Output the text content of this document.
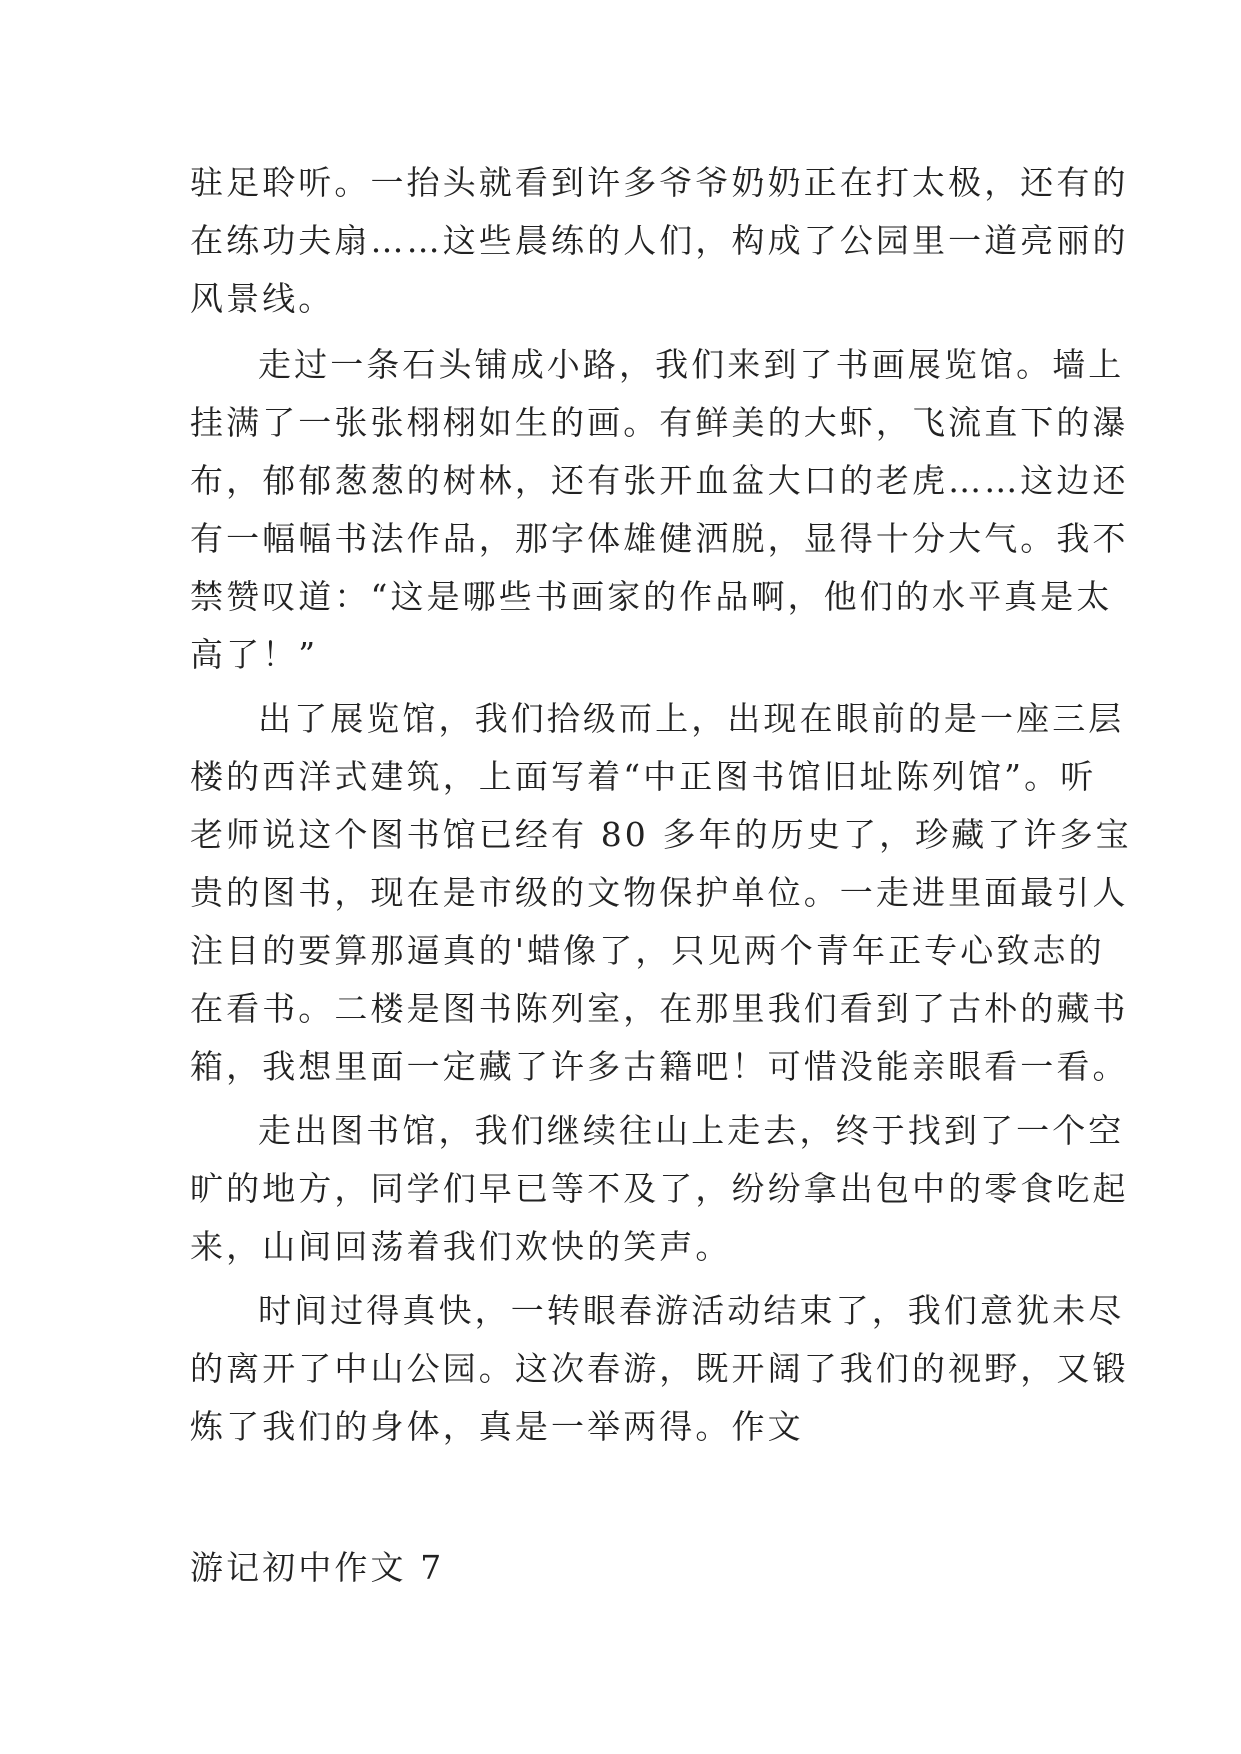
驻足聆听。一抬头就看到许多爷爷奶奶正在打太极，还有的
在练功夫扇……这些晨练的人们，构成了公园里一道亮丽的
风景线。
走过一条石头铺成小路，我们来到了书画展览馆。墙上
挂满了一张张栩栩如生的画。有鲜美的大虾，飞流直下的瀑
布，郁郁葱葱的树林，还有张开血盆大口的老虎……这边还
有一幅幅书法作品，那字体雄健洒脱，显得十分大气。我不
禁赞叹道：“这是哪些书画家的作品啊，他们的水平真是太
高了！”
出了展览馆，我们拾级而上，出现在眼前的是一座三层
楼的西洋式建筑，上面写着“中正图书馆旧址陈列馆”。听
老师说这个图书馆已经有 80 多年的历史了，珍藏了许多宝
贵的图书，现在是市级的文物保护单位。一走进里面最引人
注目的要算那逼真的'蜡像了，只见两个青年正专心致志的
在看书。二楼是图书陈列室，在那里我们看到了古朴的藏书
箱，我想里面一定藏了许多古籍吧！可惜没能亲眼看一看。
走出图书馆，我们继续往山上走去，终于找到了一个空
旷的地方，同学们早已等不及了，纷纷拿出包中的零食吃起
来，山间回荡着我们欢快的笑声。
时间过得真快，一转眼春游活动结束了，我们意犹未尽
的离开了中山公园。这次春游，既开阔了我们的视野，又锻
炼了我们的身体，真是一举两得。作文
游记初中作文 7
